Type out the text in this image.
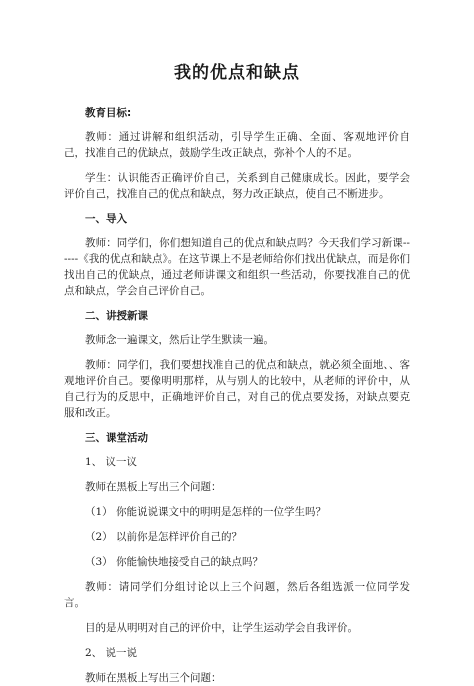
我的优点和缺点
教育目标:

教师：通过讲解和组织活动，引导学生正确、全面、客观地评价自己，找准自己的优缺点，鼓励学生改正缺点，弥补个人的不足。

学生：认识能否正确评价自己，关系到自己健康成长。因此，要学会评价自己，找准自己的优点和缺点，努力改正缺点，使自己不断进步。

一、导入

教师：同学们，你们想知道自己的优点和缺点吗？今天我们学习新课------《我的优点和缺点》。在这节课上不是老师给你们找出优缺点，而是你们找出自己的优缺点，通过老师讲课文和组织一些活动，你要找准自己的优点和缺点，学会自己评价自己。

二、讲授新课

教师念一遍课文，然后让学生默读一遍。

教师：同学们，我们要想找准自己的优点和缺点，就必须全面地、、客观地评价自己。要像明明那样，从与别人的比较中，从老师的评价中，从自己行为的反思中，正确地评价自己，对自己的优点要发扬，对缺点要克服和改正。

三、课堂活动

1、 议一议

教师在黑板上写出三个问题：

（1） 你能说说课文中的明明是怎样的一位学生吗？

（2） 以前你是怎样评价自己的？

（3） 你能愉快地接受自己的缺点吗？

教师：请同学们分组讨论以上三个问题，然后各组选派一位同学发言。

目的是从明明对自己的评价中，让学生运动学会自我评价。

2、 说一说

教师在黑板上写出三个问题：
